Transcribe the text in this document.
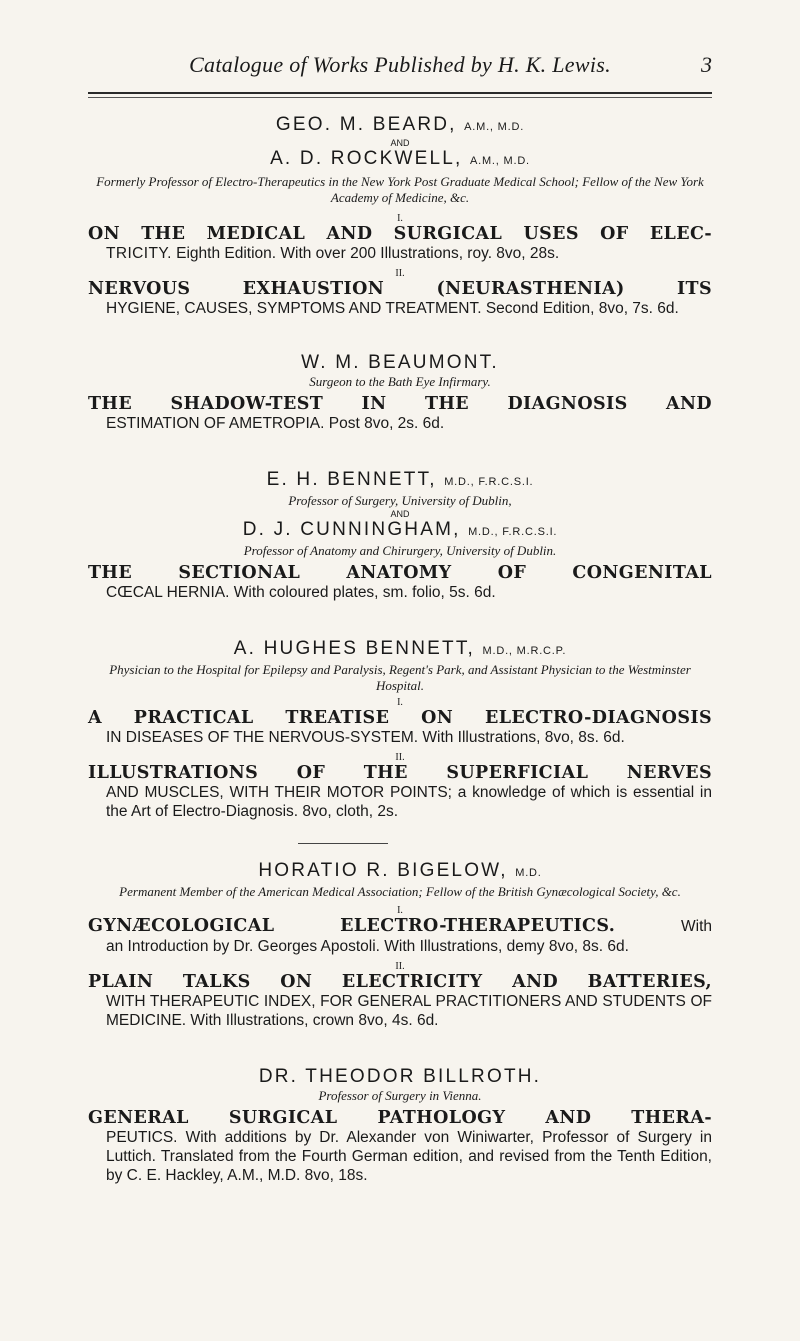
Catalogue of Works Published by H. K. Lewis.	3
GEO. M. BEARD, A.M., M.D.
AND
A. D. ROCKWELL, A.M., M.D.
Formerly Professor of Electro-Therapeutics in the New York Post Graduate Medical School; Fellow of the New York Academy of Medicine, &c.
I.
ON THE MEDICAL AND SURGICAL USES OF ELEC-
TRICITY. Eighth Edition. With over 200 Illustrations, roy. 8vo, 28s.
II.
NERVOUS EXHAUSTION (NEURASTHENIA) ITS
HYGIENE, CAUSES, SYMPTOMS AND TREATMENT. Second Edition, 8vo, 7s. 6d.
W. M. BEAUMONT.
Surgeon to the Bath Eye Infirmary.
THE SHADOW-TEST IN THE DIAGNOSIS AND
ESTIMATION OF AMETROPIA. Post 8vo, 2s. 6d.
E. H. BENNETT, M.D., F.R.C.S.I.
Professor of Surgery, University of Dublin,
AND
D. J. CUNNINGHAM, M.D., F.R.C.S.I.
Professor of Anatomy and Chirurgery, University of Dublin.
THE SECTIONAL ANATOMY OF CONGENITAL
CŒCAL HERNIA. With coloured plates, sm. folio, 5s. 6d.
A. HUGHES BENNETT, M.D., M.R.C.P.
Physician to the Hospital for Epilepsy and Paralysis, Regent's Park, and Assistant Physician to the Westminster Hospital.
I.
A PRACTICAL TREATISE ON ELECTRO-DIAGNOSIS
IN DISEASES OF THE NERVOUS-SYSTEM. With Illustrations, 8vo, 8s. 6d.
II.
ILLUSTRATIONS OF THE SUPERFICIAL NERVES
AND MUSCLES, WITH THEIR MOTOR POINTS; a knowledge of which is essential in the Art of Electro-Diagnosis. 8vo, cloth, 2s.
HORATIO R. BIGELOW, M.D.
Permanent Member of the American Medical Association; Fellow of the British Gynæcological Society, &c.
I.
GYNÆCOLOGICAL ELECTRO-THERAPEUTICS.	With
an Introduction by Dr. Georges Apostoli. With Illustrations, demy 8vo, 8s. 6d.
II.
PLAIN TALKS ON ELECTRICITY AND BATTERIES,
WITH THERAPEUTIC INDEX, FOR GENERAL PRACTITIONERS AND STUDENTS OF MEDICINE. With Illustrations, crown 8vo, 4s. 6d.
DR. THEODOR BILLROTH.
Professor of Surgery in Vienna.
GENERAL SURGICAL PATHOLOGY AND THERA-
PEUTICS. With additions by Dr. Alexander von Winiwarter, Professor of Surgery in Luttich. Translated from the Fourth German edition, and revised from the Tenth Edition, by C. E. Hackley, A.M., M.D. 8vo, 18s.
